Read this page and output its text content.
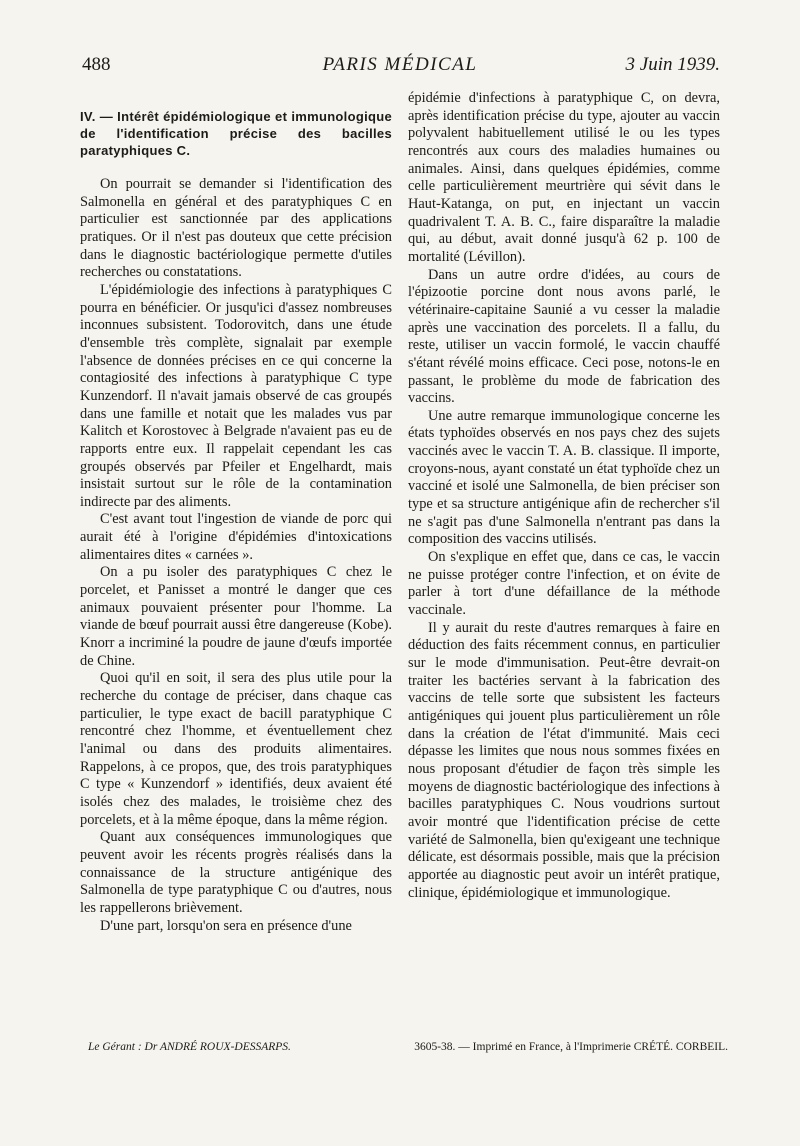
488	PARIS MÉDICAL	3 Juin 1939.
IV. — Intérêt épidémiologique et immunologique de l'identification précise des bacilles paratyphiques C.

On pourrait se demander si l'identification des Salmonella en général et des paratyphiques C en particulier est sanctionnée par des applications pratiques. Or il n'est pas douteux que cette précision dans le diagnostic bactériologique permette d'utiles recherches ou constatations.

L'épidémiologie des infections à paratyphiques C pourra en bénéficier. Or jusqu'ici d'assez nombreuses inconnues subsistent. Todorovitch, dans une étude d'ensemble très complète, signalait par exemple l'absence de données précises en ce qui concerne la contagiosité des infections à paratyphique C type Kunzendorf. Il n'avait jamais observé de cas groupés dans une famille et notait que les malades vus par Kalitch et Korostovec à Belgrade n'avaient pas eu de rapports entre eux. Il rappelait cependant les cas groupés observés par Pfeiler et Engelhardt, mais insistait surtout sur le rôle de la contamination indirecte par des aliments.

C'est avant tout l'ingestion de viande de porc qui aurait été à l'origine d'épidémies d'intoxications alimentaires dites « carnées ».

On a pu isoler des paratyphiques C chez le porcelet, et Panisset a montré le danger que ces animaux pouvaient présenter pour l'homme. La viande de bœuf pourrait aussi être dangereuse (Kobe). Knorr a incriminé la poudre de jaune d'œufs importée de Chine.

Quoi qu'il en soit, il sera des plus utile pour la recherche du contage de préciser, dans chaque cas particulier, le type exact de bacill paratyphique C rencontré chez l'homme, et éventuellement chez l'animal ou dans des produits alimentaires. Rappelons, à ce propos, que, des trois paratyphiques C type « Kunzendorf » identifiés, deux avaient été isolés chez des malades, le troisième chez des porcelets, et à la même époque, dans la même région.

Quant aux conséquences immunologiques que peuvent avoir les récents progrès réalisés dans la connaissance de la structure antigénique des Salmonella de type paratyphique C ou d'autres, nous les rappellerons brièvement.

D'une part, lorsqu'on sera en présence d'une

épidémie d'infections à paratyphique C, on devra, après identification précise du type, ajouter au vaccin polyvalent habituellement utilisé le ou les types rencontrés aux cours des maladies humaines ou animales. Ainsi, dans quelques épidémies, comme celle particulièrement meurtrière qui sévit dans le Haut-Katanga, on put, en injectant un vaccin quadrivalent T. A. B. C., faire disparaître la maladie qui, au début, avait donné jusqu'à 62 p. 100 de mortalité (Lévillon).

Dans un autre ordre d'idées, au cours de l'épizootie porcine dont nous avons parlé, le vétérinaire-capitaine Saunié a vu cesser la maladie après une vaccination des porcelets. Il a fallu, du reste, utiliser un vaccin formolé, le vaccin chauffé s'étant révélé moins efficace. Ceci pose, notons-le en passant, le problème du mode de fabrication des vaccins.

Une autre remarque immunologique concerne les états typhoïdes observés en nos pays chez des sujets vaccinés avec le vaccin T. A. B. classique. Il importe, croyons-nous, ayant constaté un état typhoïde chez un vacciné et isolé une Salmonella, de bien préciser son type et sa structure antigénique afin de rechercher s'il ne s'agit pas d'une Salmonella n'entrant pas dans la composition des vaccins utilisés.

On s'explique en effet que, dans ce cas, le vaccin ne puisse protéger contre l'infection, et on évite de parler à tort d'une défaillance de la méthode vaccinale.

Il y aurait du reste d'autres remarques à faire en déduction des faits récemment connus, en particulier sur le mode d'immunisation. Peut-être devrait-on traiter les bactéries servant à la fabrication des vaccins de telle sorte que subsistent les facteurs antigéniques qui jouent plus particulièrement un rôle dans la création de l'état d'immunité. Mais ceci dépasse les limites que nous nous sommes fixées en nous proposant d'étudier de façon très simple les moyens de diagnostic bactériologique des infections à bacilles paratyphiques C. Nous voudrions surtout avoir montré que l'identification précise de cette variété de Salmonella, bien qu'exigeant une technique délicate, est désormais possible, mais que la précision apportée au diagnostic peut avoir un intérêt pratique, clinique, épidémiologique et immunologique.

Le Gérant : Dr ANDRÉ ROUX-DESSARPS.	3605-38. — Imprimé en France, à l'Imprimerie CRÉTÉ. CORBEIL.
